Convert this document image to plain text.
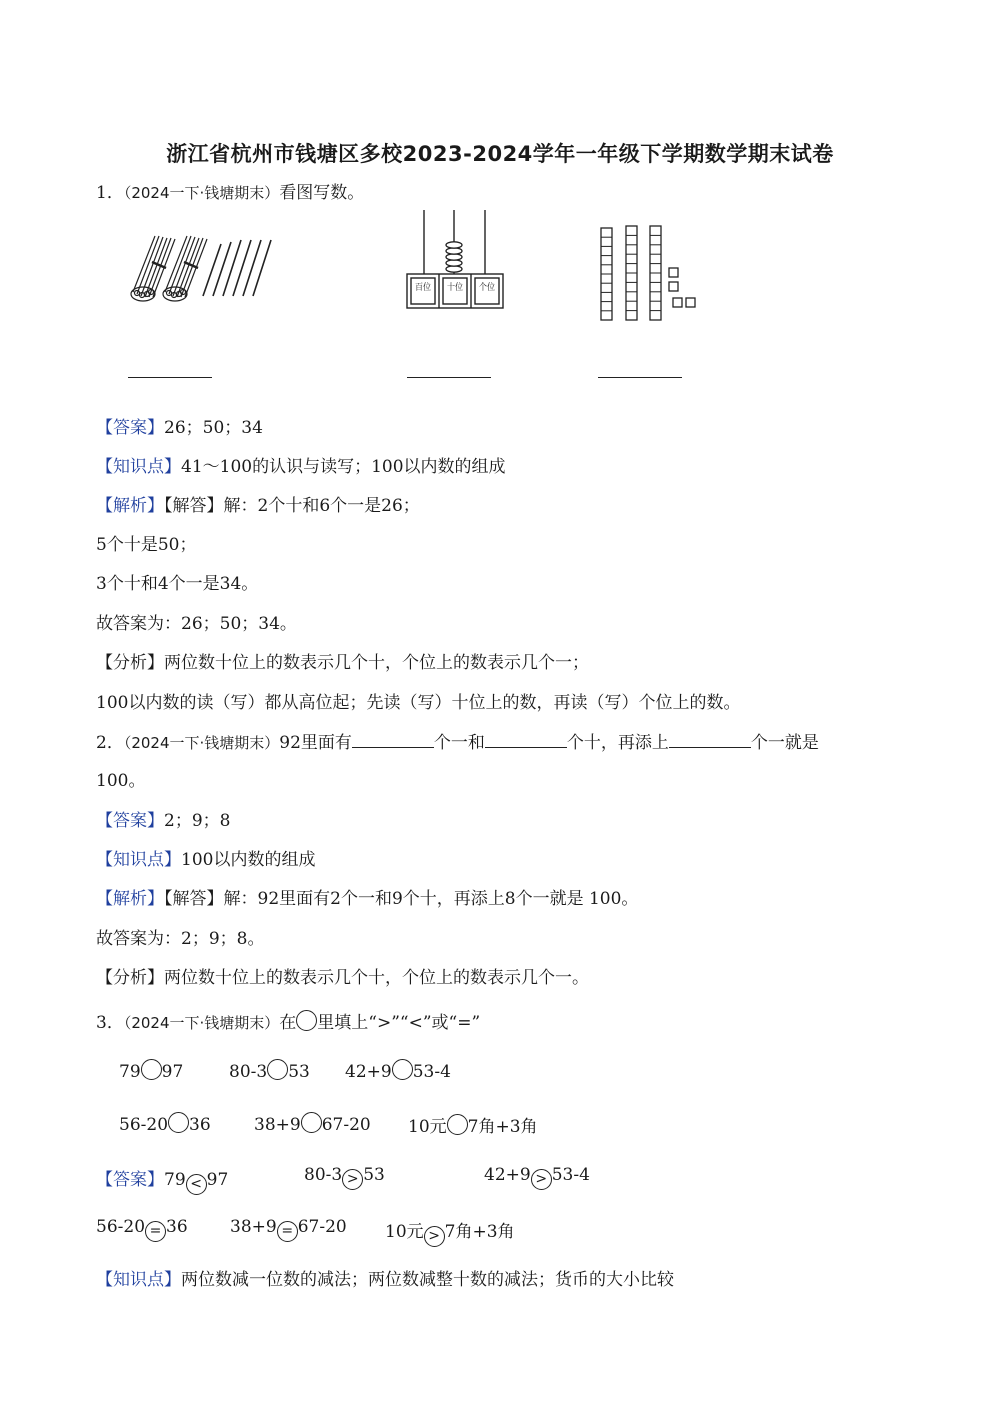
浙江省杭州市钱塘区多校2023-2024学年一年级下学期数学期末试卷
1．（2024一下·钱塘期末）看图写数。
百位 十位 个位
【答案】26；50；34
【知识点】41～100的认识与读写；100以内数的组成
【解析】【解答】解：2个十和6个一是26；
5个十是50；
3个十和4个一是34。
故答案为：26；50；34。
【分析】两位数十位上的数表示几个十，个位上的数表示几个一；
100以内数的读（写）都从高位起；先读（写）十位上的数，再读（写）个位上的数。
2．（2024一下·钱塘期末）92里面有	个一和	个十，再添上	个一就是
100。
【答案】2；9；8
【知识点】100以内数的组成
【解析】【解答】解：92里面有2个一和9个十，再添上8个一就是 100。
故答案为：2；9；8。
【分析】两位数十位上的数表示几个十，个位上的数表示几个一。
3．（2024一下·钱塘期末）在 里填上“>”“<”或“=”
79 97	80-3 53 42+9 53-4
56-20 36	38+9 67-20 10元 7角+3角
【答案】79 < 97	80-3 > 53	42+9 > 53-4
56-20 = 36 38+9 = 67-20 10元 > 7角+3角
【知识点】两位数减一位数的减法；两位数减整十数的减法；货币的大小比较
